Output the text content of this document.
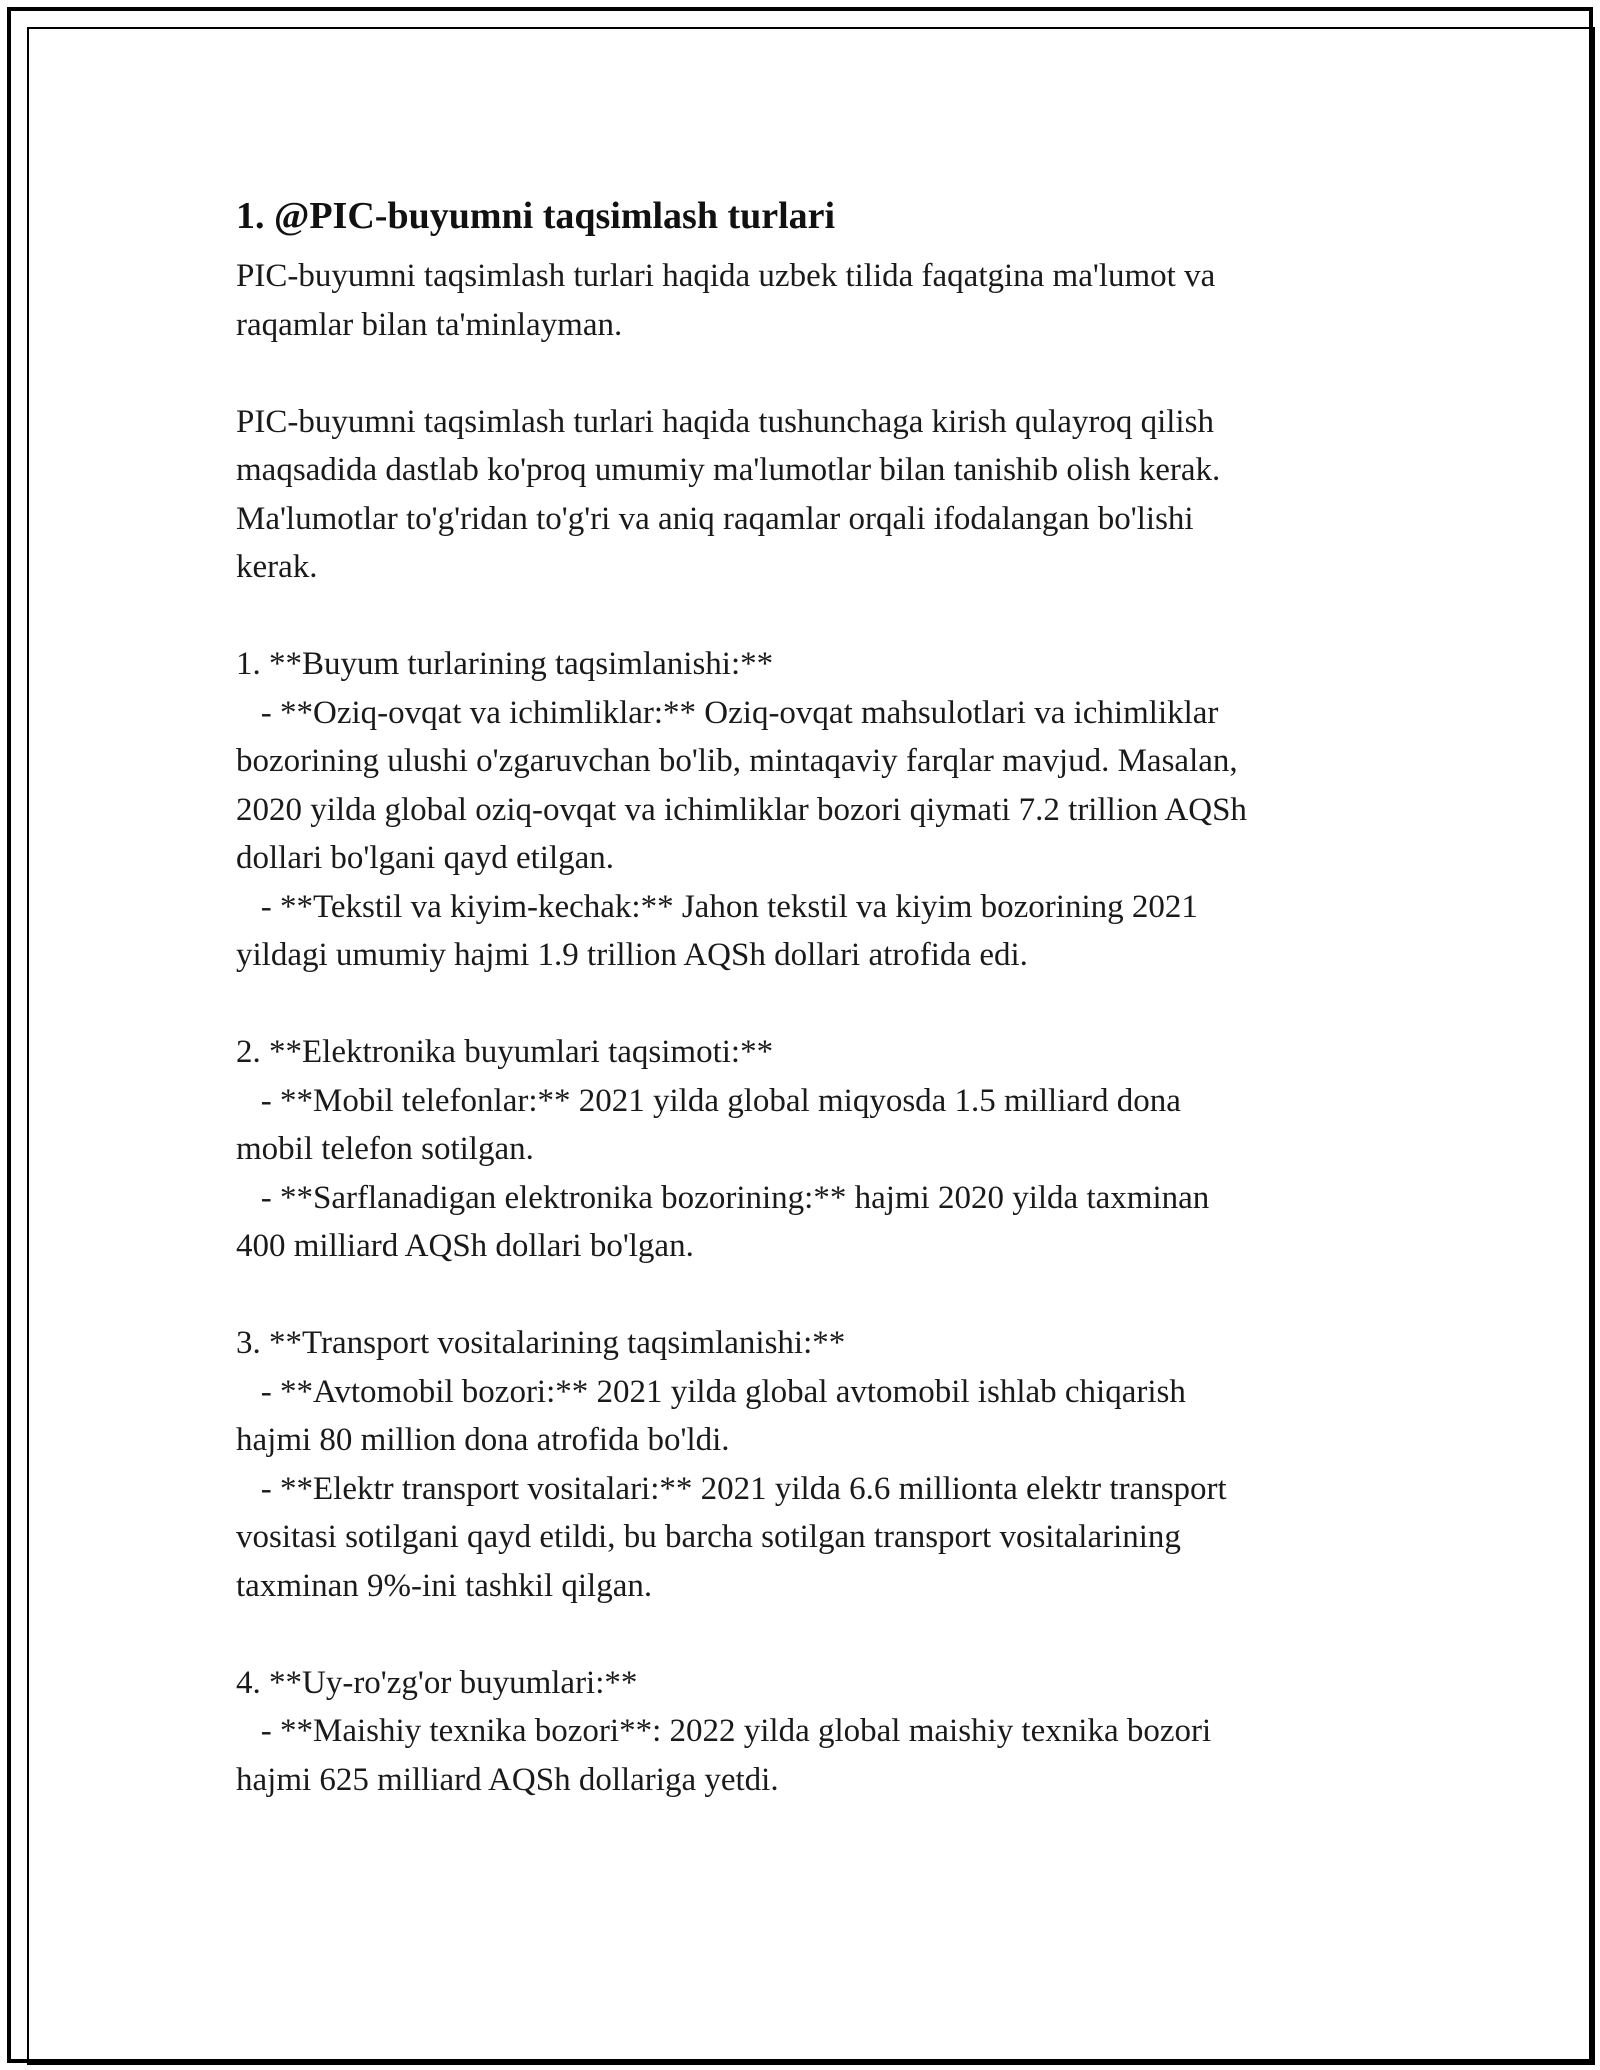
1. @PIC-buyumni taqsimlash turlari

PIC-buyumni taqsimlash turlari haqida uzbek tilida faqatgina ma'lumot va
raqamlar bilan ta'minlayman.

PIC-buyumni taqsimlash turlari haqida tushunchaga kirish qulayroq qilish
maqsadida dastlab ko'proq umumiy ma'lumotlar bilan tanishib olish kerak.
Ma'lumotlar to'g'ridan to'g'ri va aniq raqamlar orqali ifodalangan bo'lishi
kerak.

1. **Buyum turlarining taqsimlanishi:**

- **Oziq-ovqat va ichimliklar:** Oziq-ovqat mahsulotlari va ichimliklar
bozorining ulushi o'zgaruvchan bo'lib, mintaqaviy farqlar mavjud. Masalan,
2020 yilda global oziq-ovqat va ichimliklar bozori qiymati 7.2 trillion AQSh
dollari bo'lgani qayd etilgan.

- **Tekstil va kiyim-kechak:** Jahon tekstil va kiyim bozorining 2021
yildagi umumiy hajmi 1.9 trillion AQSh dollari atrofida edi.

2. **Elektronika buyumlari taqsimoti:**

- **Mobil telefonlar:** 2021 yilda global miqyosda 1.5 milliard dona
mobil telefon sotilgan.

- **Sarflanadigan elektronika bozorining:** hajmi 2020 yilda taxminan
400 milliard AQSh dollari bo'lgan.

3. **Transport vositalarining taqsimlanishi:**

- **Avtomobil bozori:** 2021 yilda global avtomobil ishlab chiqarish
hajmi 80 million dona atrofida bo'ldi.

- **Elektr transport vositalari:** 2021 yilda 6.6 millionta elektr transport
vositasi sotilgani qayd etildi, bu barcha sotilgan transport vositalarining
taxminan 9%-ini tashkil qilgan.

4. **Uy-ro'zg'or buyumlari:**

- **Maishiy texnika bozori**: 2022 yilda global maishiy texnika bozori
hajmi 625 milliard AQSh dollariga yetdi.
